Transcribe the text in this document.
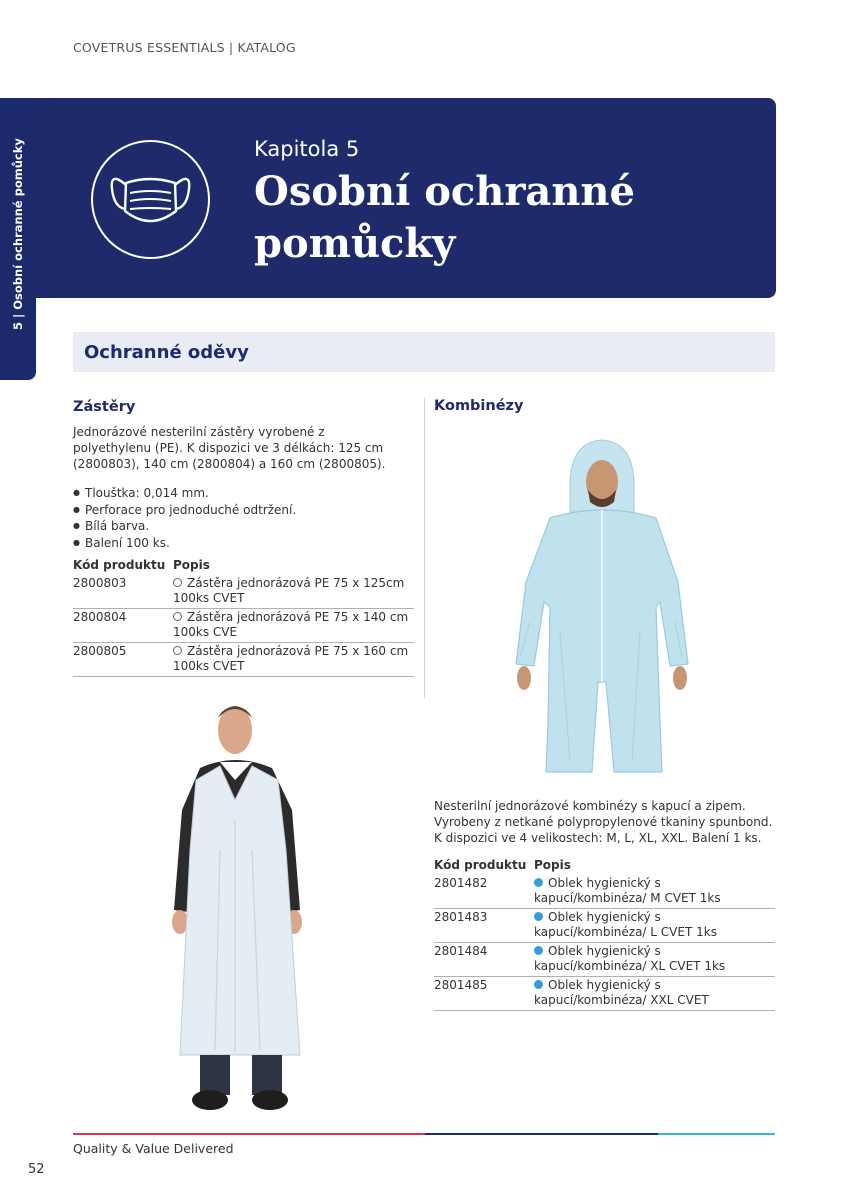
COVETRUS ESSENTIALS | KATALOG
5 | Osobní ochranné pomůcky	Kapitola 5
Osobní ochranné pomůcky
Ochranné oděvy
Zástěry
Jednorázové nesterilní zástěry vyrobené z polyethylenu (PE). K dispozici ve 3 délkách: 125 cm (2800803), 140 cm (2800804) a 160 cm (2800805).
● Tlouštka: 0,014 mm.
● Perforace pro jednoduché odtržení.
● Bílá barva.
● Balení 100 ks.
Kód produktu Popis
2800803	Zástěra jednorázová PE 75 x 125cm 100ks CVET
2800804	Zástěra jednorázová PE 75 x 140 cm 100ks CVE
2800805	Zástěra jednorázová PE 75 x 160 cm 100ks CVET
Kombinézy
Nesterilní jednorázové kombinézy s kapucí a zipem. Vyrobeny z netkané polypropylenové tkaniny spunbond. K dispozici ve 4 velikostech: M, L, XL, XXL. Balení 1 ks.
Kód produktu Popis
2801482	Oblek hygienický s kapucí/kombinéza/ M CVET 1ks
2801483	Oblek hygienický s kapucí/kombinéza/ L CVET 1ks
2801484	Oblek hygienický s kapucí/kombinéza/ XL CVET 1ks
2801485	Oblek hygienický s kapucí/kombinéza/ XXL CVET
Quality & Value Delivered
52
